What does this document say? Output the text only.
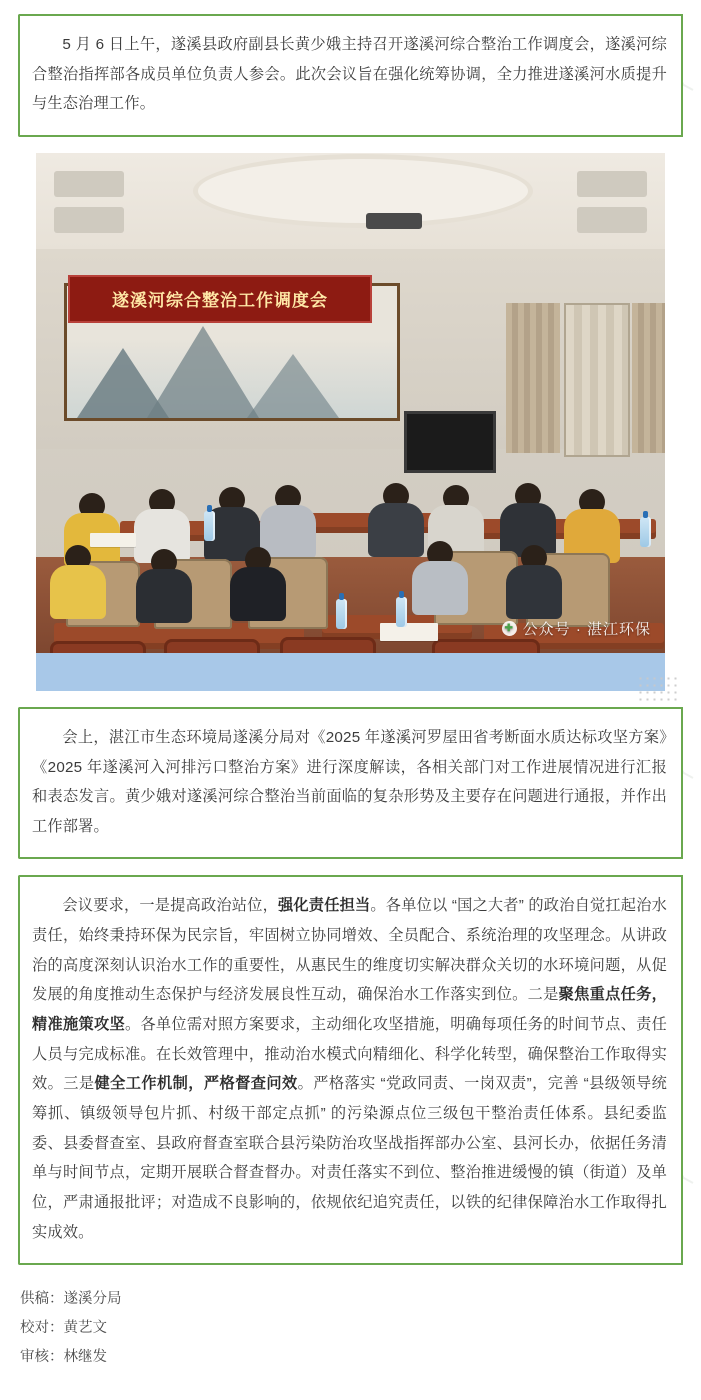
5 月 6 日上午，遂溪县政府副县长黄少娥主持召开遂溪河综合整治工作调度会，遂溪河综合整治指挥部各成员单位负责人参会。此次会议旨在强化统筹协调，全力推进遂溪河水质提升与生态治理工作。

遂溪河综合整治工作调度会
✚ 公众号 · 湛江环保

会上，湛江市生态环境局遂溪分局对《2025 年遂溪河罗屋田省考断面水质达标攻坚方案》《2025 年遂溪河入河排污口整治方案》进行深度解读，各相关部门对工作进展情况进行汇报和表态发言。黄少娥对遂溪河综合整治当前面临的复杂形势及主要存在问题进行通报，并作出工作部署。

会议要求，一是提高政治站位，强化责任担当。各单位以 “国之大者” 的政治自觉扛起治水责任，始终秉持环保为民宗旨，牢固树立协同增效、全员配合、系统治理的攻坚理念。从讲政治的高度深刻认识治水工作的重要性，从惠民生的维度切实解决群众关切的水环境问题，从促发展的角度推动生态保护与经济发展良性互动，确保治水工作落实到位。二是聚焦重点任务，精准施策攻坚。各单位需对照方案要求，主动细化攻坚措施，明确每项任务的时间节点、责任人员与完成标准。在长效管理中，推动治水模式向精细化、科学化转型，确保整治工作取得实效。三是健全工作机制，严格督查问效。严格落实 “党政同责、一岗双责”，完善 “县级领导统筹抓、镇级领导包片抓、村级干部定点抓” 的污染源点位三级包干整治责任体系。县纪委监委、县委督查室、县政府督查室联合县污染防治攻坚战指挥部办公室、县河长办，依据任务清单与时间节点，定期开展联合督查督办。对责任落实不到位、整治推进缓慢的镇（街道）及单位，严肃通报批评；对造成不良影响的，依规依纪追究责任，以铁的纪律保障治水工作取得扎实成效。

供稿：遂溪分局
校对：黄艺文
审核：林继发
